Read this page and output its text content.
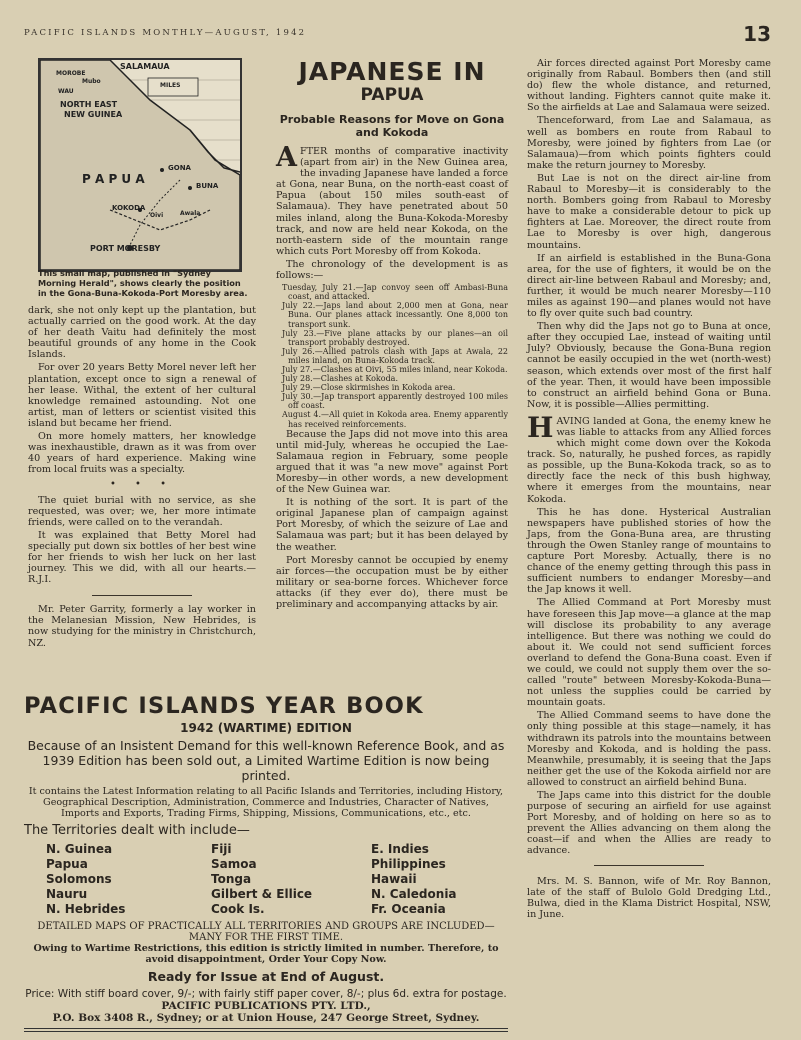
PACIFIC ISLANDS MONTHLY—AUGUST, 1942	13
SALAMAUA
MOROBE
Mubo
WAU
NORTH EAST
NEW GUINEA
MILES
P A P U A
GONA
BUNA
KOKODA
Oivi	Awala
PORT MORESBY
This small map, published in "Sydney Morning Herald", shows clearly the position in the Gona-Buna-Kokoda-Port Moresby area.

dark, she not only kept up the plantation, but actually carried on the good work. At the day of her death Vaitu had definitely the most beautiful grounds of any home in the Cook Islands.

For over 20 years Betty Morel never left her plantation, except once to sign a renewal of her lease. Withal, the extent of her cultural knowledge remained astounding. Not one artist, man of letters or scientist visited this island but became her friend.

On more homely matters, her knowledge was inexhaustible, drawn as it was from over 40 years of hard experience. Making wine from local fruits was a specialty.

• • •

The quiet burial with no service, as she requested, was over; we, her more intimate friends, were called on to the verandah.

It was explained that Betty Morel had specially put down six bottles of her best wine for her friends to wish her luck on her last journey. This we did, with all our hearts.—R.J.I.

Mr. Peter Garrity, formerly a lay worker in the Melanesian Mission, New Hebrides, is now studying for the ministry in Christchurch, NZ.

JAPANESE IN
PAPUA
Probable Reasons for Move on Gona and Kokoda

AFTER months of comparative inactivity (apart from air) in the New Guinea area, the invading Japanese have landed a force at Gona, near Buna, on the north-east coast of Papua (about 150 miles south-east of Salamaua). They have penetrated about 50 miles inland, along the Buna-Kokoda-Moresby track, and now are held near Kokoda, on the north-eastern side of the mountain range which cuts Port Moresby off from Kokoda.

The chronology of the development is as follows:—

Tuesday, July 21.—Jap convoy seen off Ambasi-Buna coast, and attacked.
July 22.—Japs land about 2,000 men at Gona, near Buna. Our planes attack incessantly. One 8,000 ton transport sunk.
July 23.—Five plane attacks by our planes—an oil transport probably destroyed.
July 26.—Allied patrols clash with Japs at Awala, 22 miles inland, on Buna-Kokoda track.
July 27.—Clashes at Oivi, 55 miles inland, near Kokoda.
July 28.—Clashes at Kokoda.
July 29.—Close skirmishes in Kokoda area.
July 30.—Jap transport apparently destroyed 100 miles off coast.
August 4.—All quiet in Kokoda area. Enemy apparently has received reinforcements.

Because the Japs did not move into this area until mid-July, whereas he occupied the Lae-Salamaua region in February, some people argued that it was "a new move" against Port Moresby—in other words, a new development of the New Guinea war.

It is nothing of the sort. It is part of the original Japanese plan of campaign against Port Moresby, of which the seizure of Lae and Salamaua was part; but it has been delayed by the weather.

Port Moresby cannot be occupied by enemy air forces—the occupation must be by either military or sea-borne forces. Whichever force attacks (if they ever do), there must be preliminary and accompanying attacks by air.

Air forces directed against Port Moresby came originally from Rabaul. Bombers then (and still do) flew the whole distance, and returned, without landing. Fighters cannot quite make it. So the airfields at Lae and Salamaua were seized.

Thenceforward, from Lae and Salamaua, as well as bombers en route from Rabaul to Moresby, were joined by fighters from Lae (or Salamaua)—from which points fighters could make the return journey to Moresby.

But Lae is not on the direct air-line from Rabaul to Moresby—it is considerably to the north. Bombers going from Rabaul to Moresby have to make a considerable detour to pick up fighters at Lae. Moreover, the direct route from Lae to Moresby is over high, dangerous mountains.

If an airfield is established in the Buna-Gona area, for the use of fighters, it would be on the direct air-line between Rabaul and Moresby; and, further, it would be much nearer Moresby—110 miles as against 190—and planes would not have to fly over quite such bad country.

Then why did the Japs not go to Buna at once, after they occupied Lae, instead of waiting until July? Obviously, because the Gona-Buna region cannot be easily occupied in the wet (north-west) season, which extends over most of the first half of the year. Then, it would have been impossible to construct an airfield behind Gona or Buna. Now, it is possible—Allies permitting.

HAVING landed at Gona, the enemy knew he was liable to attacks from any Allied forces which might come down over the Kokoda track. So, naturally, he pushed forces, as rapidly as possible, up the Buna-Kokoda track, so as to directly face the neck of this bush highway, where it emerges from the mountains, near Kokoda.

This he has done. Hysterical Australian newspapers have published stories of how the Japs, from the Gona-Buna area, are thrusting through the Owen Stanley range of mountains to capture Port Moresby. Actually, there is no chance of the enemy getting through this pass in sufficient numbers to endanger Moresby—and the Jap knows it well.

The Allied Command at Port Moresby must have foreseen this Jap move—a glance at the map will disclose its probability to any average intelligence. But there was nothing we could do about it. We could not send sufficient forces overland to defend the Gona-Buna coast. Even if we could, we could not supply them over the so-called "route" between Moresby-Kokoda-Buna—not unless the supplies could be carried by mountain goats.

The Allied Command seems to have done the only thing possible at this stage—namely, it has withdrawn its patrols into the mountains between Moresby and Kokoda, and is holding the pass. Meanwhile, presumably, it is seeing that the Japs neither get the use of the Kokoda airfield nor are allowed to construct an airfield behind Buna.

The Japs came into this district for the double purpose of securing an airfield for use against Port Moresby, and of holding on here so as to prevent the Allies advancing on them along the coast—if and when the Allies are ready to advance.

Mrs. M. S. Bannon, wife of Mr. Roy Bannon, late of the staff of Bulolo Gold Dredging Ltd., Bulwa, died in the Klama District Hospital, NSW, in June.

PACIFIC ISLANDS YEAR BOOK
1942 (WARTIME) EDITION
Because of an Insistent Demand for this well-known Reference Book, and as 1939 Edition has been sold out, a Limited Wartime Edition is now being printed.
It contains the Latest Information relating to all Pacific Islands and Territories, including History, Geographical Description, Administration, Commerce and Industries, Character of Natives, Imports and Exports, Trading Firms, Shipping, Missions, Communications, etc., etc.
The Territories dealt with include—
N. Guinea	Fiji	E. Indies
Papua	Samoa	Philippines
Solomons	Tonga	Hawaii
Nauru	Gilbert & Ellice	N. Caledonia
N. Hebrides	Cook Is.	Fr. Oceania
DETAILED MAPS OF PRACTICALLY ALL TERRITORIES AND GROUPS ARE INCLUDED—MANY FOR THE FIRST TIME.
Owing to Wartime Restrictions, this edition is strictly limited in number. Therefore, to avoid disappointment, Order Your Copy Now.
Ready for Issue at End of August.
Price: With stiff board cover, 9/-; with fairly stiff paper cover, 8/-; plus 6d. extra for postage.
PACIFIC PUBLICATIONS PTY. LTD.,
P.O. Box 3408 R., Sydney; or at Union House, 247 George Street, Sydney.
